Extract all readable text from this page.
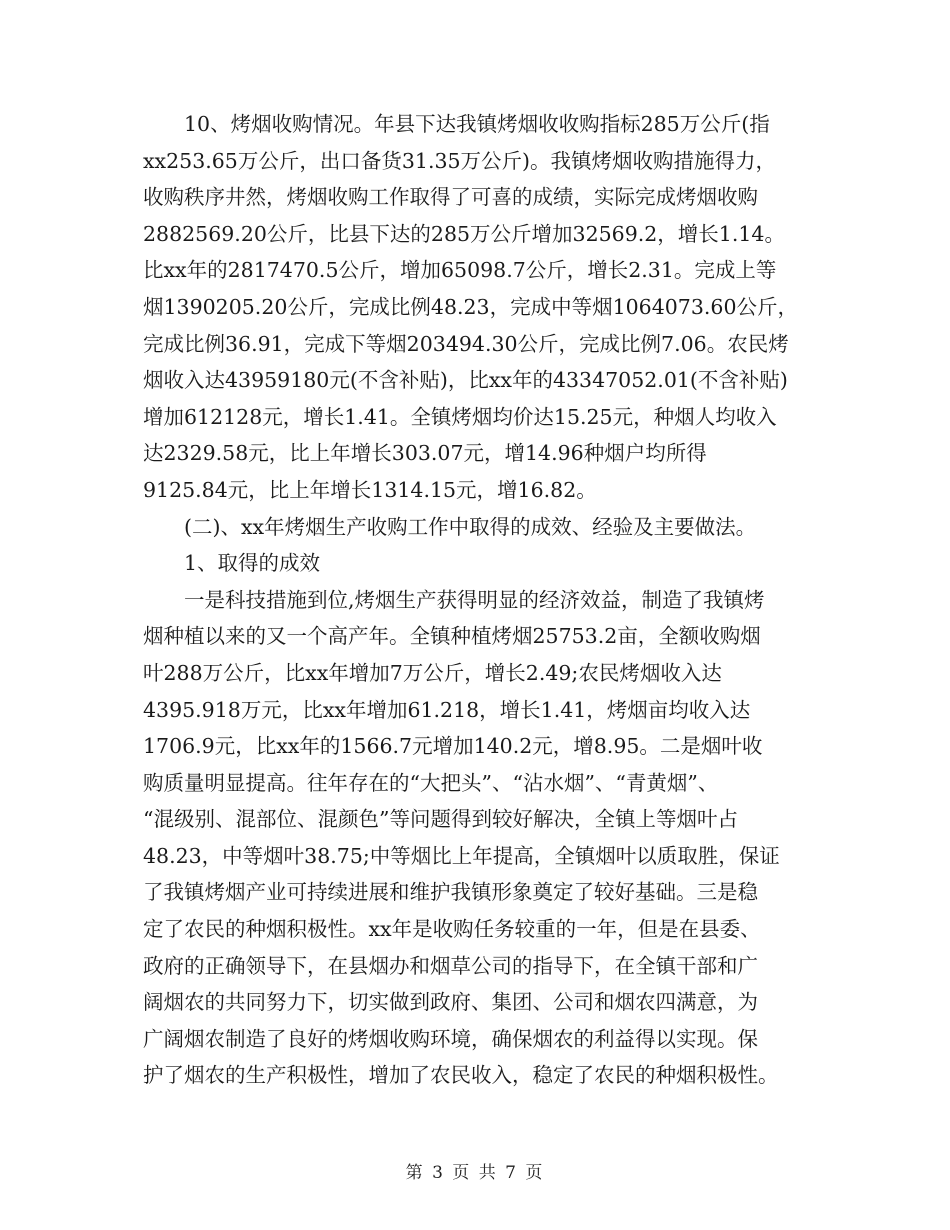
10、烤烟收购情况。年县下达我镇烤烟收收购指标285万公斤(指
xx253.65万公斤，出口备货31.35万公斤)。我镇烤烟收购措施得力，
收购秩序井然，烤烟收购工作取得了可喜的成绩，实际完成烤烟收购
2882569.20公斤，比县下达的285万公斤增加32569.2，增长1.14。
比xx年的2817470.5公斤，增加65098.7公斤，增长2.31。完成上等
烟1390205.20公斤，完成比例48.23，完成中等烟1064073.60公斤，
完成比例36.91，完成下等烟203494.30公斤，完成比例7.06。农民烤
烟收入达43959180元(不含补贴)，比xx年的43347052.01(不含补贴)
增加612128元，增长1.41。全镇烤烟均价达15.25元，种烟人均收入
达2329.58元，比上年增长303.07元，增14.96种烟户均所得
9125.84元，比上年增长1314.15元，增16.82。
(二)、xx年烤烟生产收购工作中取得的成效、经验及主要做法。
1、取得的成效
一是科技措施到位,烤烟生产获得明显的经济效益，制造了我镇烤
烟种植以来的又一个高产年。全镇种植烤烟25753.2亩，全额收购烟
叶288万公斤，比xx年增加7万公斤，增长2.49;农民烤烟收入达
4395.918万元，比xx年增加61.218，增长1.41，烤烟亩均收入达
1706.9元，比xx年的1566.7元增加140.2元，增8.95。二是烟叶收
购质量明显提高。往年存在的“大把头”、“沾水烟”、“青黄烟”、
“混级别、混部位、混颜色”等问题得到较好解决，全镇上等烟叶占
48.23，中等烟叶38.75;中等烟比上年提高，全镇烟叶以质取胜，保证
了我镇烤烟产业可持续进展和维护我镇形象奠定了较好基础。三是稳
定了农民的种烟积极性。xx年是收购任务较重的一年，但是在县委、
政府的正确领导下，在县烟办和烟草公司的指导下，在全镇干部和广
阔烟农的共同努力下，切实做到政府、集团、公司和烟农四满意，为
广阔烟农制造了良好的烤烟收购环境，确保烟农的利益得以实现。保
护了烟农的生产积极性，增加了农民收入，稳定了农民的种烟积极性。
第 3 页 共 7 页
